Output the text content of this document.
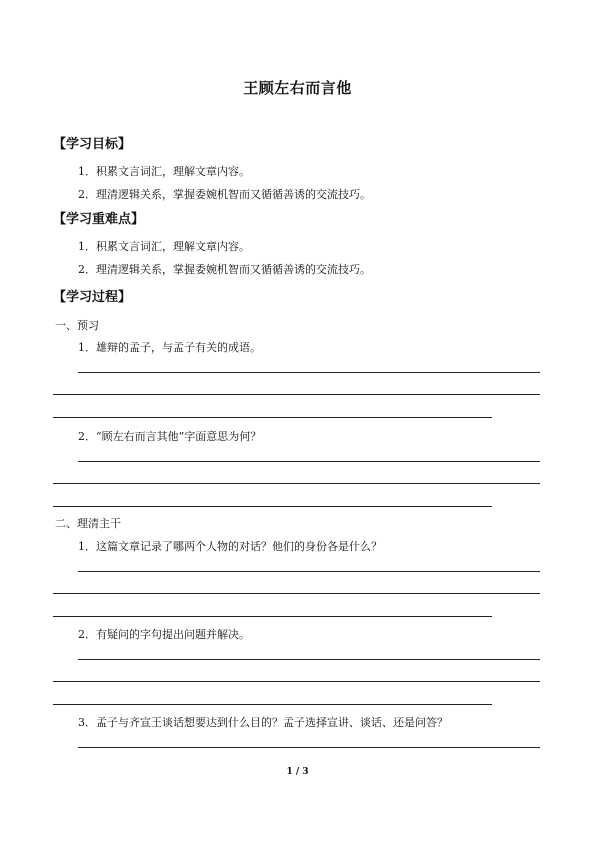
王顾左右而言他
【学习目标】
1．积累文言词汇，理解文章内容。
2．理清逻辑关系，掌握委婉机智而又循循善诱的交流技巧。
【学习重难点】
1．积累文言词汇，理解文章内容。
2．理清逻辑关系，掌握委婉机智而又循循善诱的交流技巧。
【学习过程】
一、预习
1．雄辩的孟子，与孟子有关的成语。
2．“顾左右而言其他”字面意思为何？
二、理清主干
1．这篇文章记录了哪两个人物的对话？他们的身份各是什么？
2．有疑问的字句提出问题并解决。
3．孟子与齐宣王谈话想要达到什么目的？孟子选择宣讲、谈话、还是问答？
1 / 3
